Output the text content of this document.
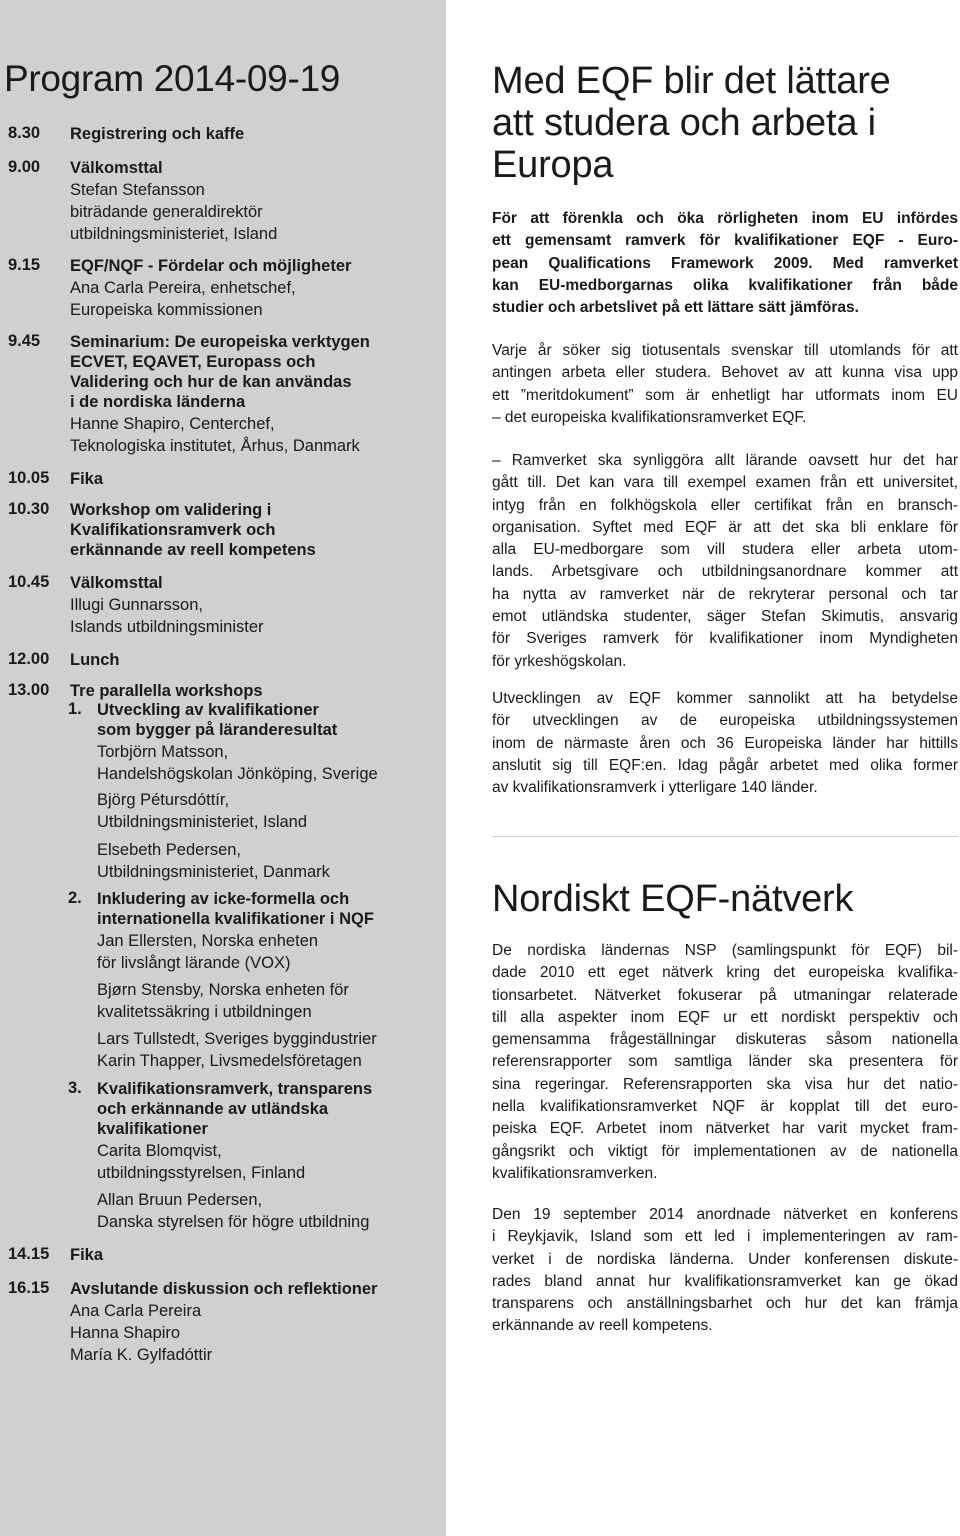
Program 2014-09-19
8.30 Registrering och kaffe
9.00 Välkomsttal
Stefan Stefansson
biträdande generaldirektör
utbildningsministeriet, Island
9.15 EQF/NQF - Fördelar och möjligheter
Ana Carla Pereira, enhetschef,
Europeiska kommissionen
9.45 Seminarium: De europeiska verktygen
ECVET, EQAVET, Europass och
Validering och hur de kan användas
i de nordiska länderna
Hanne Shapiro, Centerchef,
Teknologiska institutet, Århus, Danmark
10.05 Fika
10.30 Workshop om validering i
Kvalifikationsramverk och
erkännande av reell kompetens
10.45 Välkomsttal
Illugi Gunnarsson,
Islands utbildningsminister
12.00 Lunch
13.00 Tre parallella workshops
14.15 Fika
16.15 Avslutande diskussion och reflektioner
Ana Carla Pereira
Hanna Shapiro
María K. Gylfadóttir
1. Utveckling av kvalifikationer
som bygger på läranderesultat
Torbjörn Matsson,
Handelshögskolan Jönköping, Sverige
Björg Pétursdóttír,
Utbildningsministeriet, Island
Elsebeth Pedersen,
Utbildningsministeriet, Danmark
2. Inkludering av icke-formella och
internationella kvalifikationer i NQF
Jan Ellersten, Norska enheten
för livslångt lärande (VOX)
Bjørn Stensby, Norska enheten för
kvalitetssäkring i utbildningen
Lars Tullstedt, Sveriges byggindustrier
Karin Thapper, Livsmedelsföretagen
3. Kvalifikationsramverk, transparens
och erkännande av utländska
kvalifikationer
Carita Blomqvist,
utbildningsstyrelsen, Finland
Allan Bruun Pedersen,
Danska styrelsen för högre utbildning
Med EQF blir det lättare
att studera och arbeta i
Europa
För att förenkla och öka rörligheten inom EU infördes
ett gemensamt ramverk för kvalifikationer EQF - Euro-
pean Qualifications Framework 2009. Med ramverket
kan EU-medborgarnas olika kvalifikationer från både
studier och arbetslivet på ett lättare sätt jämföras.
Varje år söker sig tiotusentals svenskar till utomlands för att
antingen arbeta eller studera. Behovet av att kunna visa upp
ett ”meritdokument” som är enhetligt har utformats inom EU
– det europeiska kvalifikationsramverket EQF.
– Ramverket ska synliggöra allt lärande oavsett hur det har
gått till. Det kan vara till exempel examen från ett universitet,
intyg från en folkhögskola eller certifikat från en bransch-
organisation. Syftet med EQF är att det ska bli enklare för
alla EU-medborgare som vill studera eller arbeta utom-
lands. Arbetsgivare och utbildningsanordnare kommer att
ha nytta av ramverket när de rekryterar personal och tar
emot utländska studenter, säger Stefan Skimutis, ansvarig
för Sveriges ramverk för kvalifikationer inom Myndigheten
för yrkeshögskolan.
Utvecklingen av EQF kommer sannolikt att ha betydelse
för utvecklingen av de europeiska utbildningssystemen
inom de närmaste åren och 36 Europeiska länder har hittills
anslutit sig till EQF:en. Idag pågår arbetet med olika former
av kvalifikationsramverk i ytterligare 140 länder.
Nordiskt EQF-nätverk
De nordiska ländernas NSP (samlingspunkt för EQF) bil-
dade 2010 ett eget nätverk kring det europeiska kvalifika-
tionsarbetet. Nätverket fokuserar på utmaningar relaterade
till alla aspekter inom EQF ur ett nordiskt perspektiv och
gemensamma frågeställningar diskuteras såsom nationella
referensrapporter som samtliga länder ska presentera för
sina regeringar. Referensrapporten ska visa hur det natio-
nella kvalifikationsramverket NQF är kopplat till det euro-
peiska EQF. Arbetet inom nätverket har varit mycket fram-
gångsrikt och viktigt för implementationen av de nationella
kvalifikationsramverken.
Den 19 september 2014 anordnade nätverket en konferens
i Reykjavik, Island som ett led i implementeringen av ram-
verket i de nordiska länderna. Under konferensen diskute-
rades bland annat hur kvalifikationsramverket kan ge ökad
transparens och anställningsbarhet och hur det kan främja
erkännande av reell kompetens.
